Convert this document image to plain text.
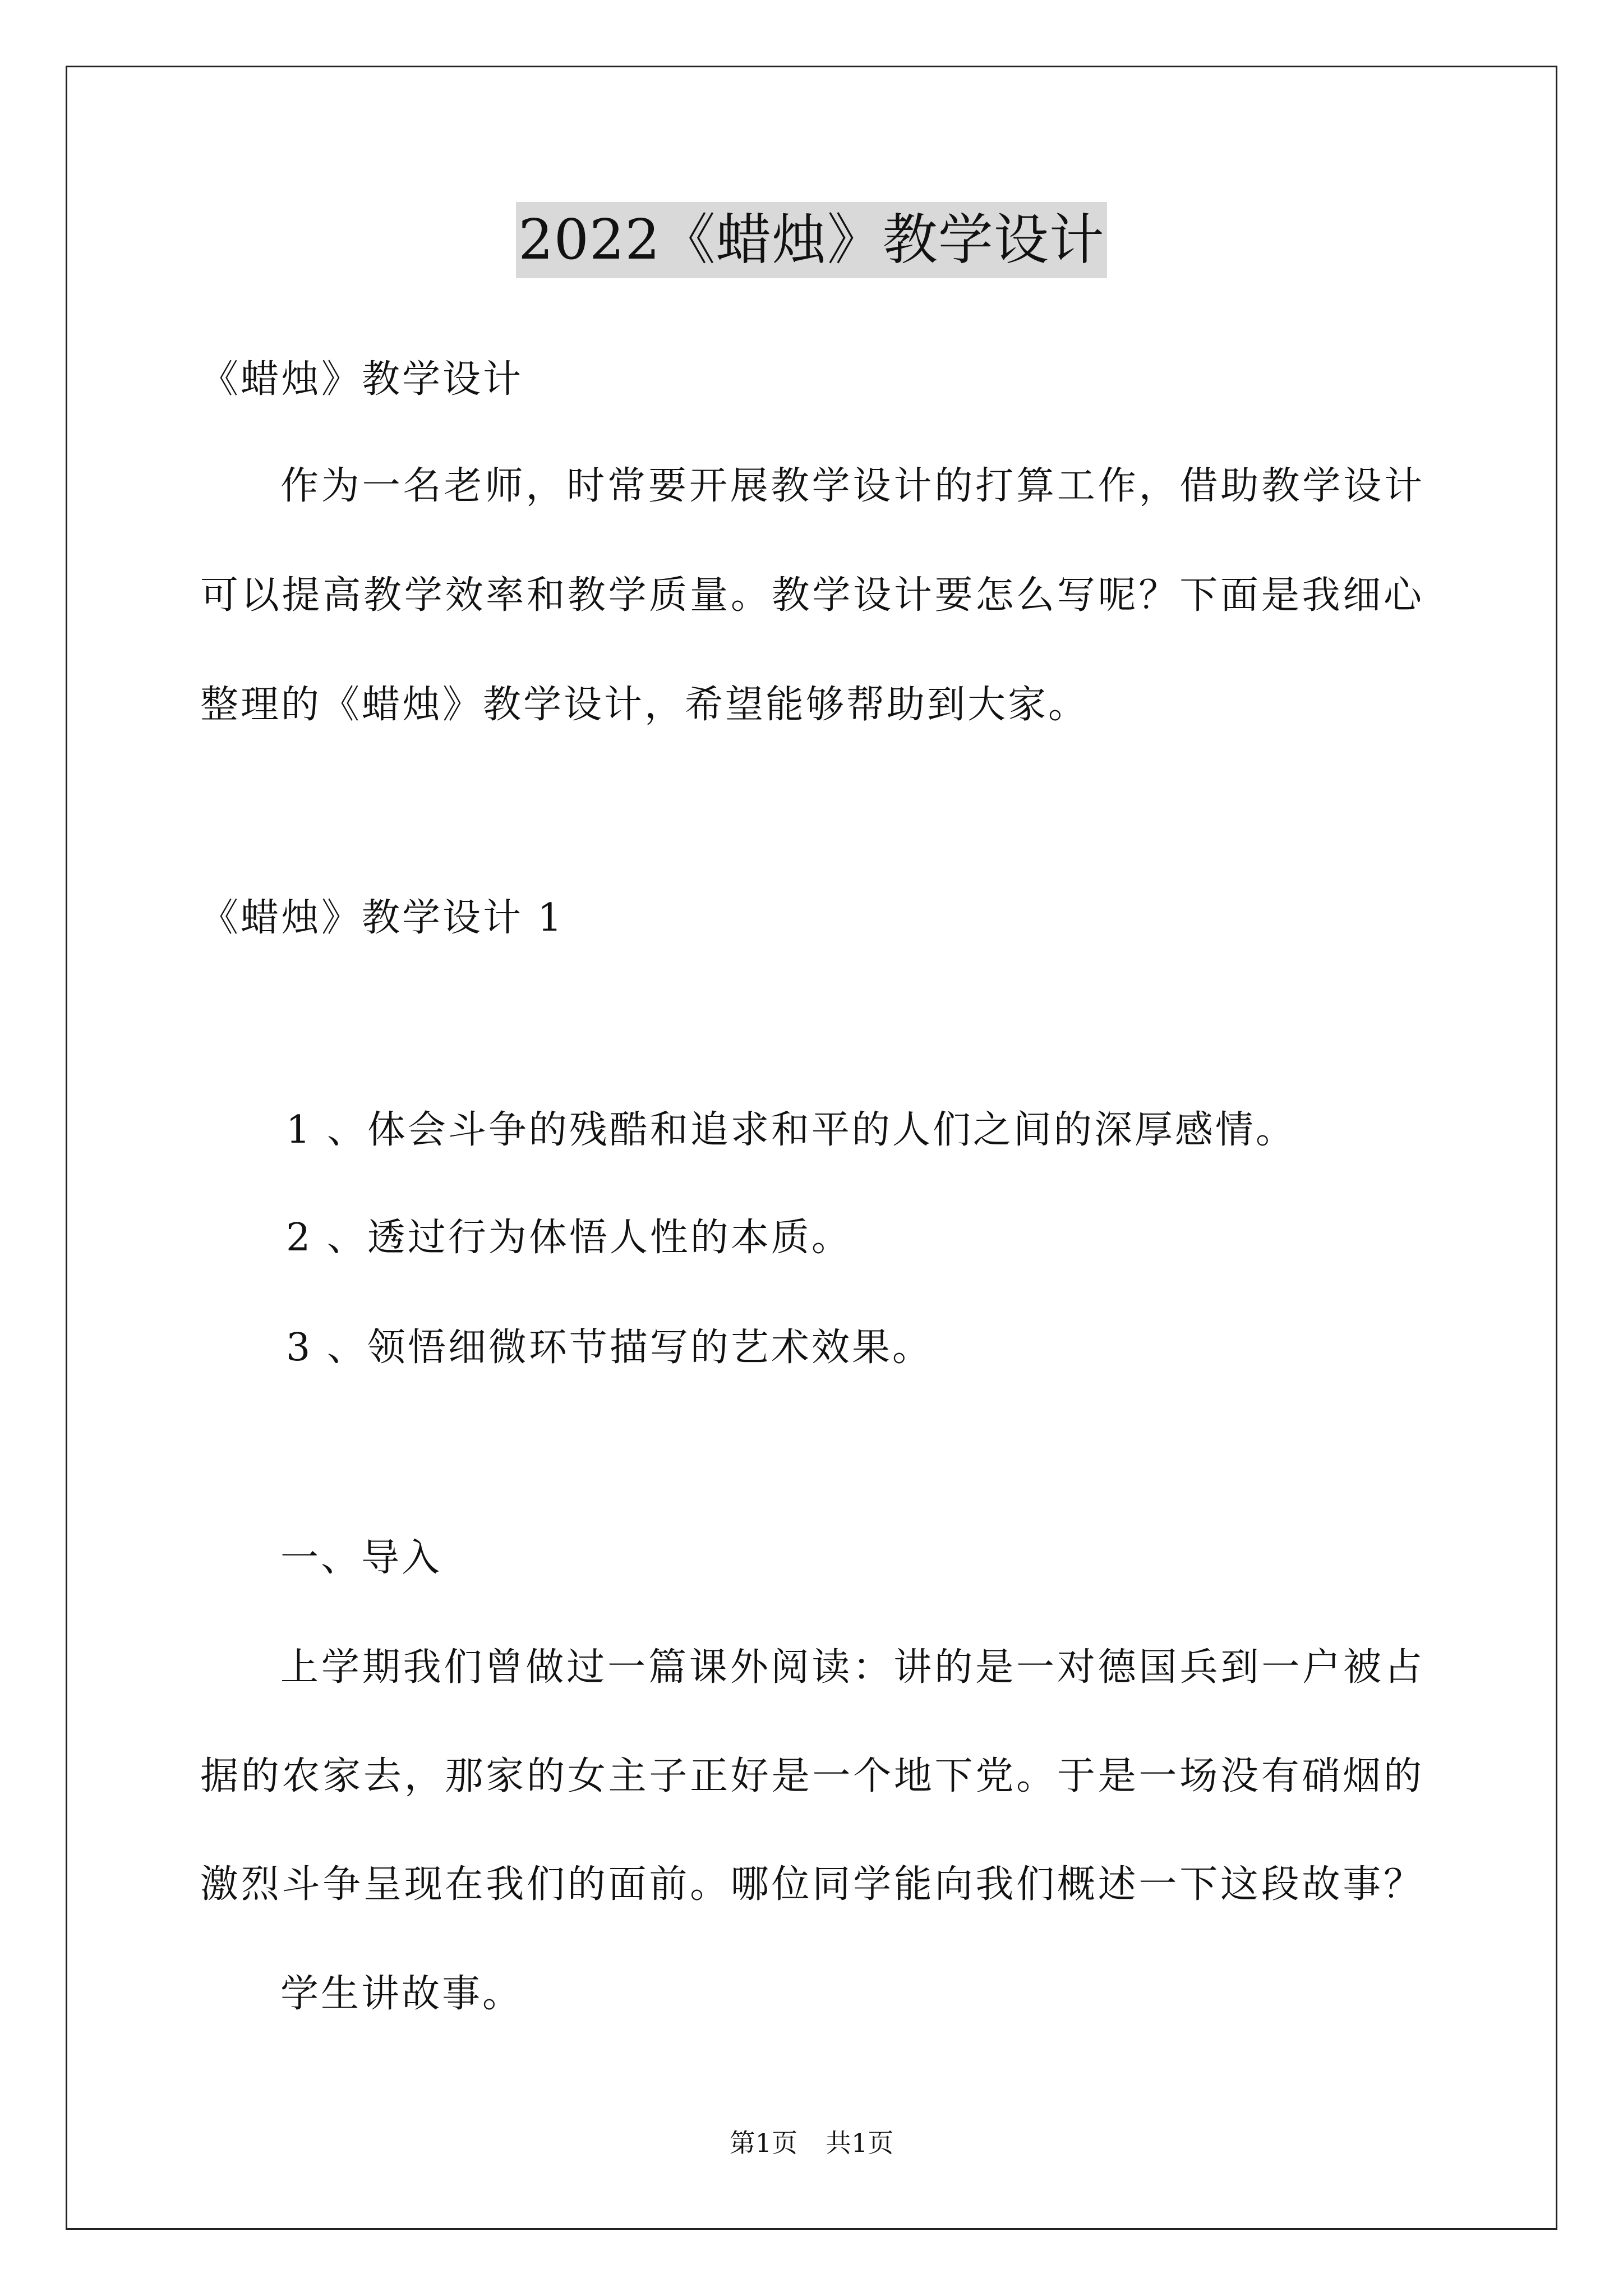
2022《蜡烛》教学设计
《蜡烛》教学设计
作为一名老师，时常要开展教学设计的打算工作，借助教学设计
可以提高教学效率和教学质量。教学设计要怎么写呢？下面是我细心
整理的《蜡烛》教学设计，希望能够帮助到大家。
《蜡烛》教学设计 1
1 、体会斗争的残酷和追求和平的人们之间的深厚感情。
2 、透过行为体悟人性的本质。
3 、领悟细微环节描写的艺术效果。
一、导入
上学期我们曾做过一篇课外阅读：讲的是一对德国兵到一户被占
据的农家去，那家的女主子正好是一个地下党。于是一场没有硝烟的
激烈斗争呈现在我们的面前。哪位同学能向我们概述一下这段故事？
学生讲故事。
第1页 共1页
